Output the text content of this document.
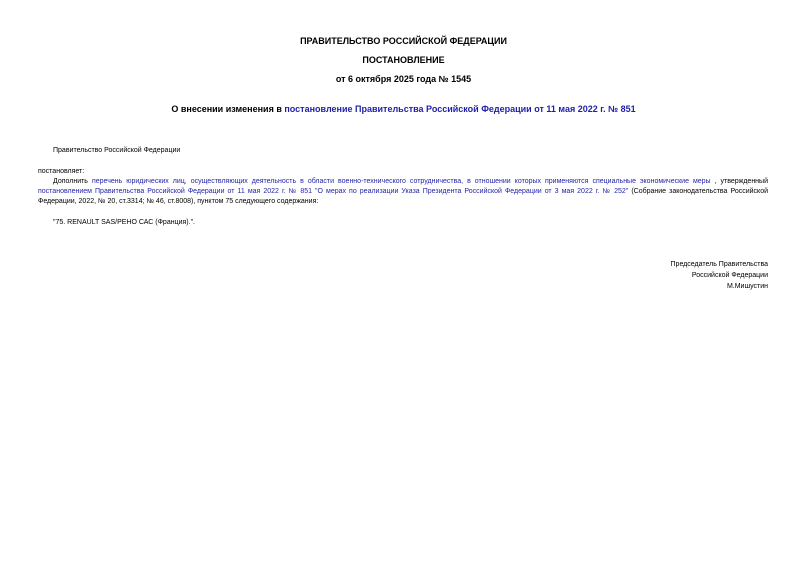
ПРАВИТЕЛЬСТВО РОССИЙСКОЙ ФЕДЕРАЦИИ
ПОСТАНОВЛЕНИЕ
от 6 октября 2025 года № 1545
О внесении изменения в постановление Правительства Российской Федерации от 11 мая 2022 г. № 851
Правительство Российской Федерации
постановляет:
Дополнить перечень юридических лиц, осуществляющих деятельность в области военно-технического сотрудничества, в отношении которых применяются специальные экономические меры , утвержденный постановлением Правительства Российской Федерации от 11 мая 2022 г. № 851 "О мерах по реализации Указа Президента Российской Федерации от 3 мая 2022 г. № 252" (Собрание законодательства Российской Федерации, 2022, № 20, ст.3314; № 46, ст.8008), пунктом 75 следующего содержания:
"75. RENAULT SAS/РЕНО САС (Франция).".
Председатель Правительства
Российской Федерации
М.Мишустин
